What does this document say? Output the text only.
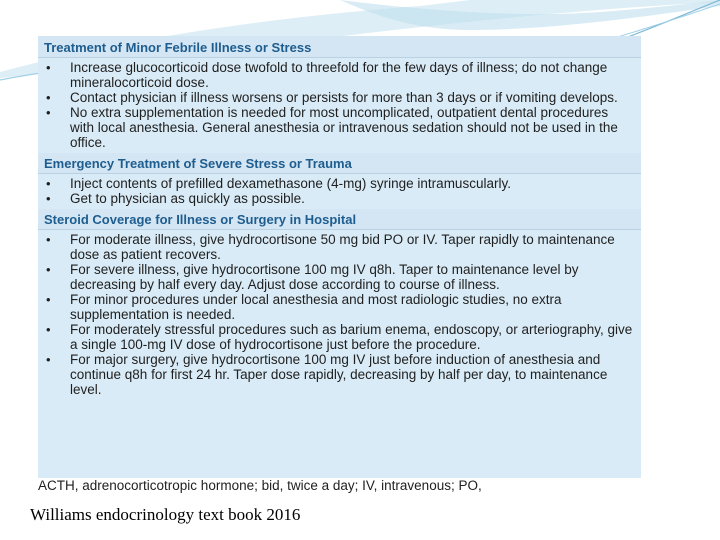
Treatment of Minor Febrile Illness or Stress
• Increase glucocorticoid dose twofold to threefold for the few days of illness; do not change mineralocorticoid dose.
• Contact physician if illness worsens or persists for more than 3 days or if vomiting develops.
• No extra supplementation is needed for most uncomplicated, outpatient dental procedures with local anesthesia. General anesthesia or intravenous sedation should not be used in the office.
Emergency Treatment of Severe Stress or Trauma
• Inject contents of prefilled dexamethasone (4-mg) syringe intramuscularly.
• Get to physician as quickly as possible.
Steroid Coverage for Illness or Surgery in Hospital
• For moderate illness, give hydrocortisone 50 mg bid PO or IV. Taper rapidly to maintenance dose as patient recovers.
• For severe illness, give hydrocortisone 100 mg IV q8h. Taper to maintenance level by decreasing by half every day. Adjust dose according to course of illness.
• For minor procedures under local anesthesia and most radiologic studies, no extra supplementation is needed.
• For moderately stressful procedures such as barium enema, endoscopy, or arteriography, give a single 100-mg IV dose of hydrocortisone just before the procedure.
• For major surgery, give hydrocortisone 100 mg IV just before induction of anesthesia and continue q8h for first 24 hr. Taper dose rapidly, decreasing by half per day, to maintenance level.
ACTH, adrenocorticotropic hormone; bid, twice a day; IV, intravenous; PO,
Williams endocrinology text book 2016
